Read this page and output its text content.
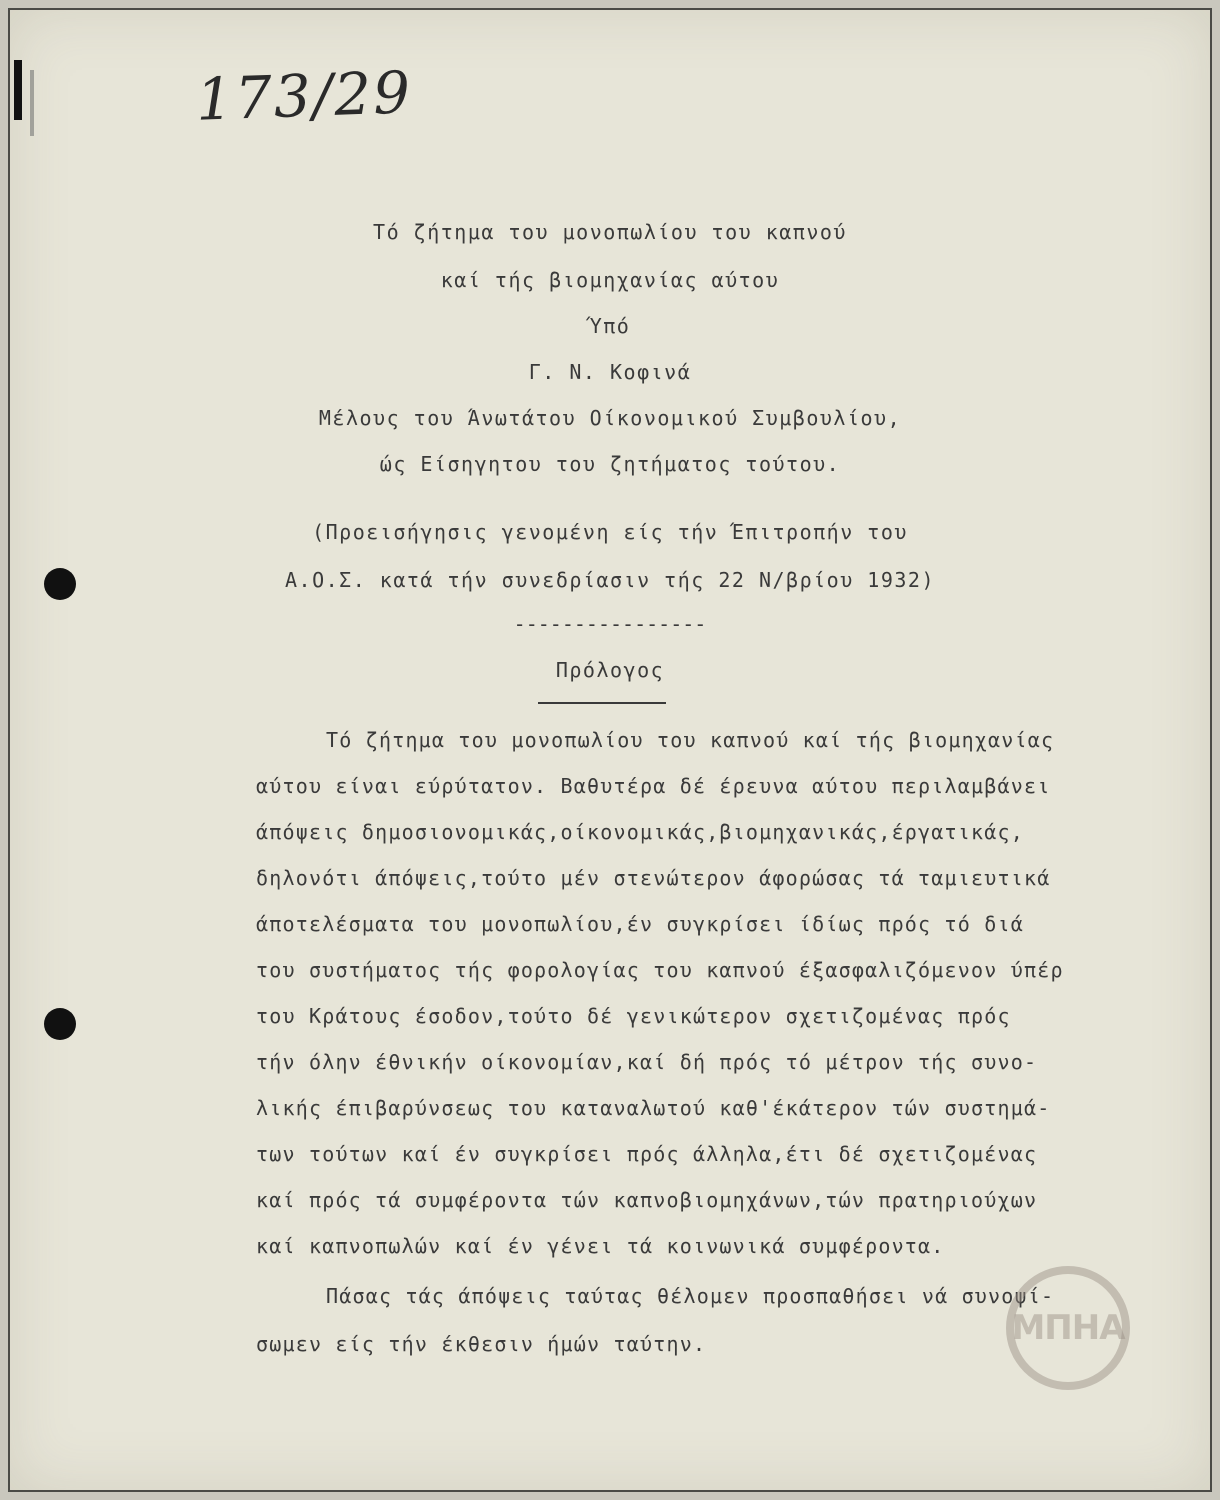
173/29
Τό ζήτημα του μονοπωλίου του καπνού
καί τής βιομηχανίας αύτου
Ύπό
Γ. Ν. Κοφινά
Μέλους του Άνωτάτου Οίκονομικού Συμβουλίου,
ώς Είσηγητου του ζητήματος τούτου.
(Προεισήγησις γενομένη είς τήν Έπιτροπήν του
Α.Ο.Σ. κατά τήν συνεδρίασιν τής 22 Ν/βρίου 1932)
----------------
Πρόλογος
Τό ζήτημα του μονοπωλίου του καπνού καί τής βιομηχανίας
αύτου είναι εύρύτατον. Βαθυτέρα δέ έρευνα αύτου περιλαμβάνει
άπόψεις δημοσιονομικάς,οίκονομικάς,βιομηχανικάς,έργατικάς,
δηλονότι άπόψεις,τούτο μέν στενώτερον άφορώσας τά ταμιευτικά
άποτελέσματα του μονοπωλίου,έν συγκρίσει ίδίως πρός τό διά
του συστήματος τής φορολογίας του καπνού έξασφαλιζόμενον ύπέρ
του Κράτους έσοδον,τούτο δέ γενικώτερον σχετιζομένας πρός
τήν όλην έθνικήν οίκονομίαν,καί δή πρός τό μέτρον τής συνο-
λικής έπιβαρύνσεως του καταναλωτού καθ'έκάτερον τών συστημά-
των τούτων καί έν συγκρίσει πρός άλληλα,έτι δέ σχετιζομένας
καί πρός τά συμφέροντα τών καπνοβιομηχάνων,τών πρατηριούχων
καί καπνοπωλών καί έν γένει τά κοινωνικά συμφέροντα.
Πάσας τάς άπόψεις ταύτας θέλομεν προσπαθήσει νά συνοψί-
σωμεν είς τήν έκθεσιν ήμών ταύτην.	ΜΠΗΑ
